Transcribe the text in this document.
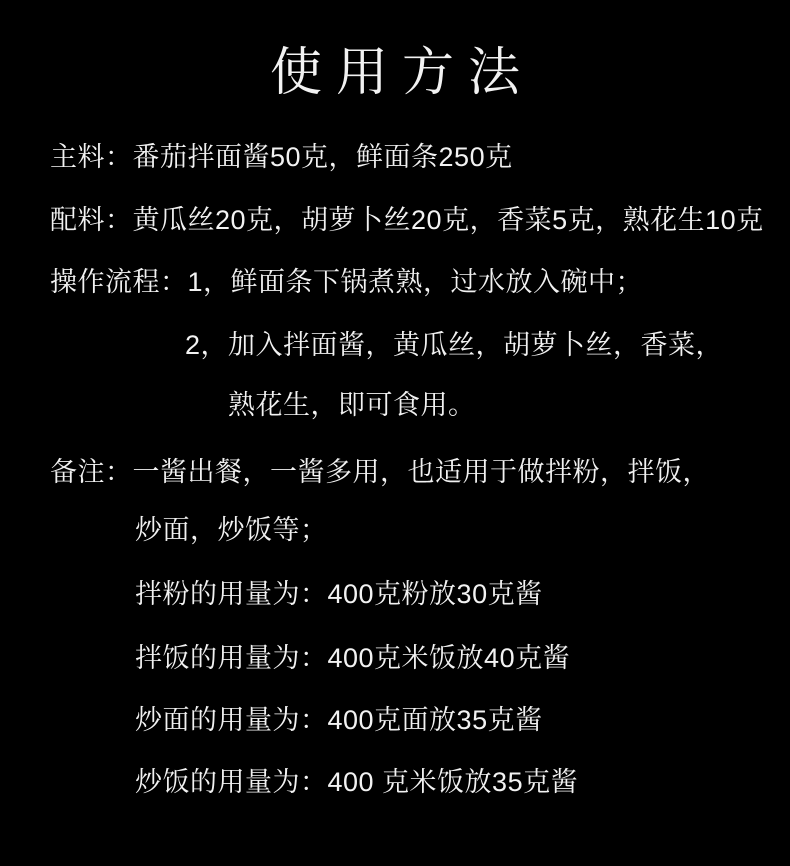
使用方法
主料：番茄拌面酱50克，鲜面条250克
配料：黄瓜丝20克，胡萝卜丝20克，香菜5克，熟花生10克
操作流程：1，鲜面条下锅煮熟，过水放入碗中；
2，加入拌面酱，黄瓜丝，胡萝卜丝，香菜，
熟花生，即可食用。
备注：一酱出餐，一酱多用，也适用于做拌粉，拌饭，
炒面，炒饭等；
拌粉的用量为：400克粉放30克酱
拌饭的用量为：400克米饭放40克酱
炒面的用量为：400克面放35克酱
炒饭的用量为：400 克米饭放35克酱
